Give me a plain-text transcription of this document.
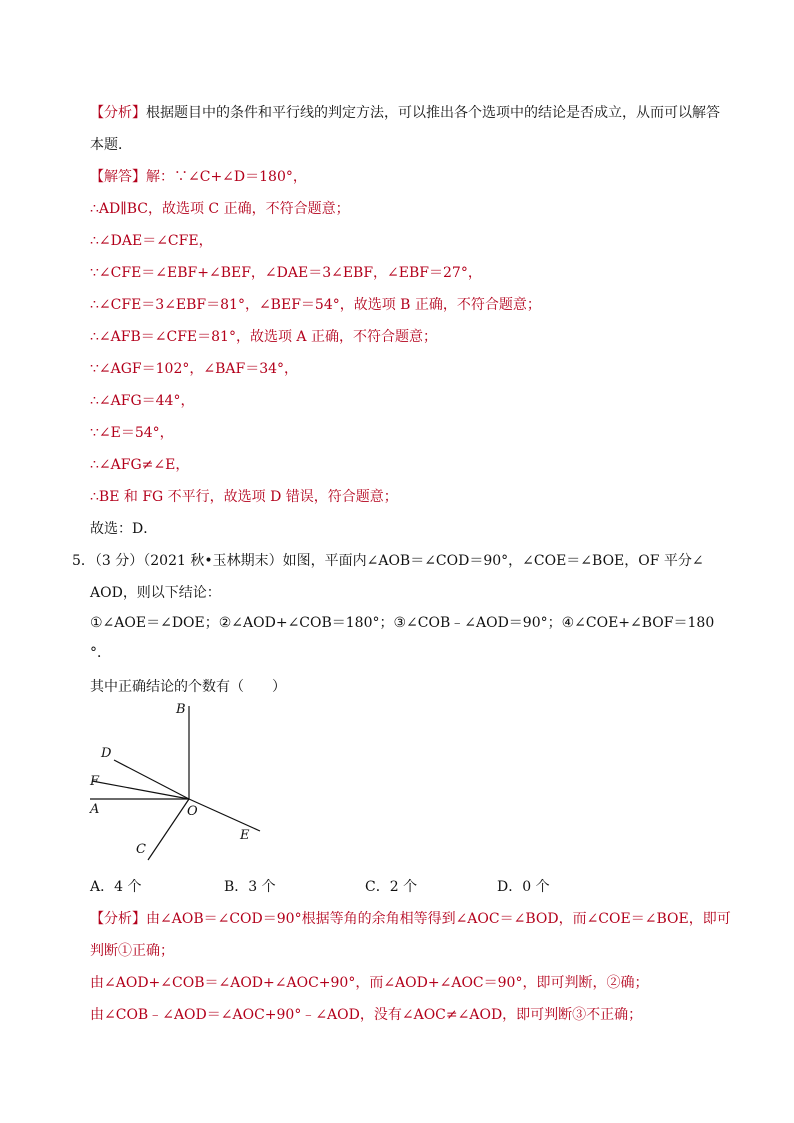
【分析】根据题目中的条件和平行线的判定方法，可以推出各个选项中的结论是否成立，从而可以解答
本题．
【解答】解：∵∠C+∠D＝180°，
∴AD∥BC，故选项 C 正确，不符合题意；
∴∠DAE＝∠CFE，
∵∠CFE＝∠EBF+∠BEF，∠DAE＝3∠EBF，∠EBF＝27°，
∴∠CFE＝3∠EBF＝81°，∠BEF＝54°，故选项 B 正确，不符合题意；
∴∠AFB＝∠CFE＝81°，故选项 A 正确，不符合题意；
∵∠AGF＝102°，∠BAF＝34°，
∴∠AFG＝44°，
∵∠E＝54°，
∴∠AFG≠∠E，
∴BE 和 FG 不平行，故选项 D 错误，符合题意；
故选：D．
5．（3 分）（2021 秋•玉林期末）如图，平面内∠AOB＝∠COD＝90°，∠COE＝∠BOE，OF 平分∠
AOD，则以下结论：
①∠AOE＝∠DOE；②∠AOD+∠COB＝180°；③∠COB﹣∠AOD＝90°；④∠COE+∠BOF＝180
°．
其中正确结论的个数有（　　）
B
D
F
A	O
E
C
A．4 个	B．3 个	C．2 个	D．0 个
【分析】由∠AOB＝∠COD＝90°根据等角的余角相等得到∠AOC＝∠BOD，而∠COE＝∠BOE，即可
判断①正确；
由∠AOD+∠COB＝∠AOD+∠AOC+90°，而∠AOD+∠AOC＝90°，即可判断，②确；
由∠COB﹣∠AOD＝∠AOC+90°﹣∠AOD，没有∠AOC≠∠AOD，即可判断③不正确；
